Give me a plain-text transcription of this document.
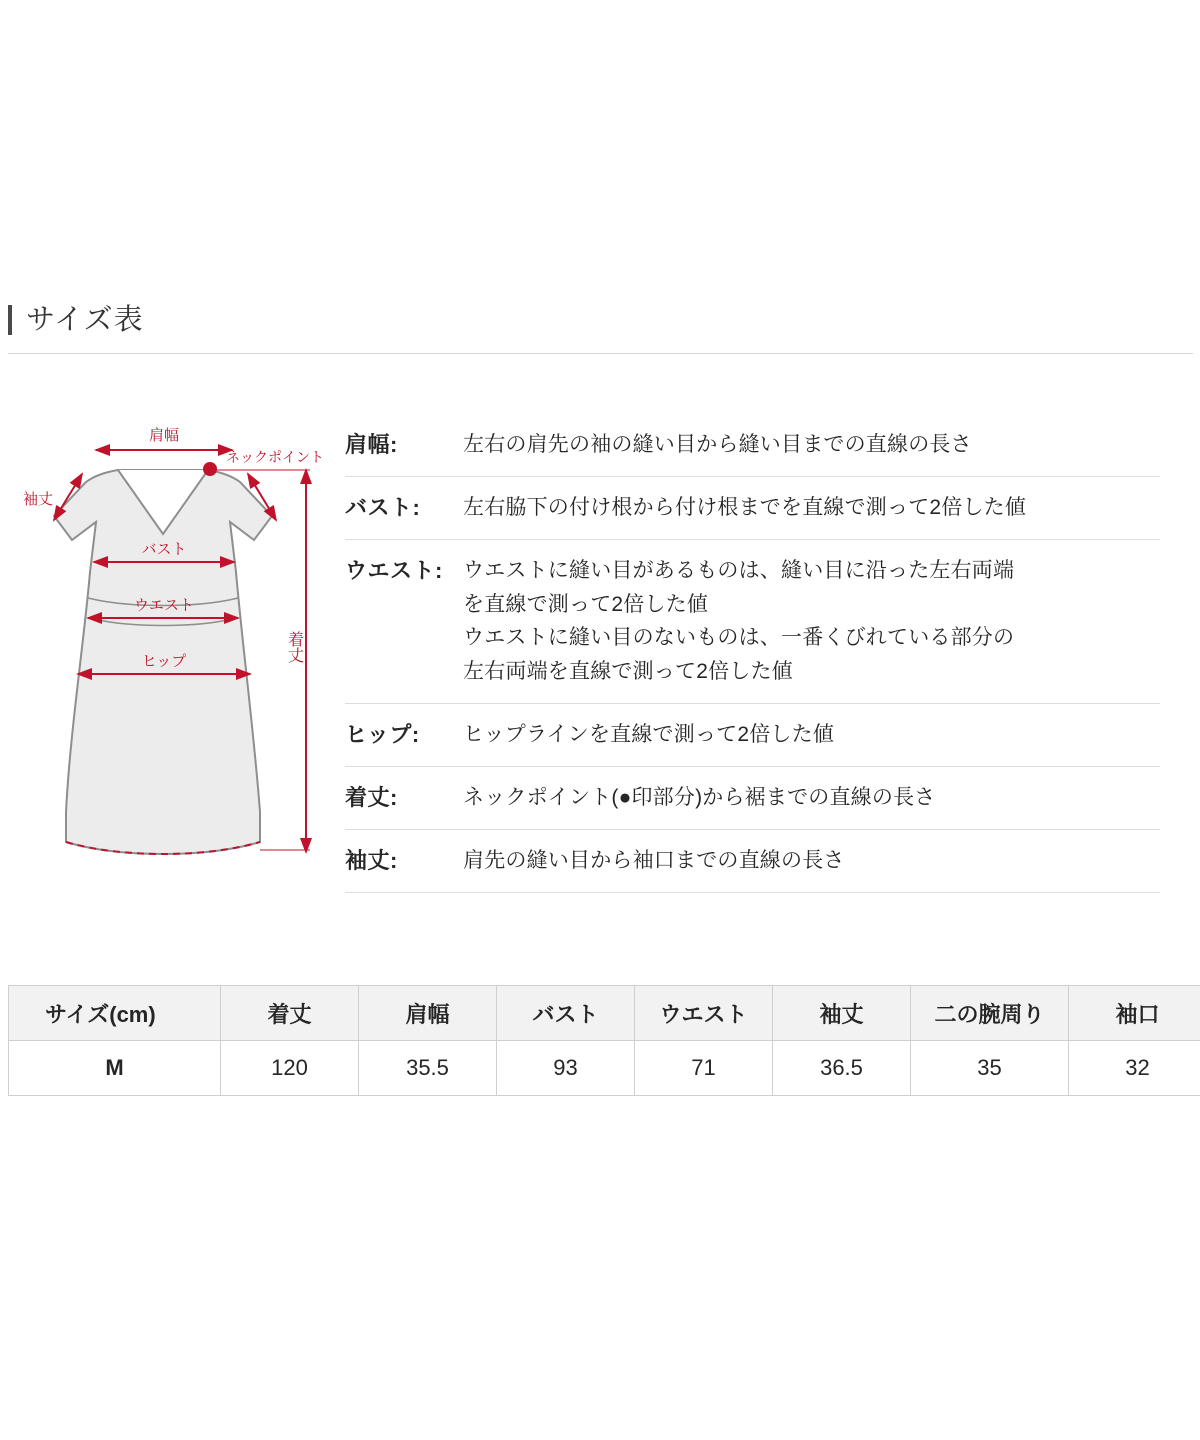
サイズ表
肩幅
ネックポイント
袖丈
バスト
ウエスト
ヒップ	着丈
肩幅:	左右の肩先の袖の縫い目から縫い目までの直線の長さ
バスト:	左右脇下の付け根から付け根までを直線で測って2倍した値
ウエスト: ウエストに縫い目があるものは、縫い目に沿った左右両端
を直線で測って2倍した値
ウエストに縫い目のないものは、一番くびれている部分の
左右両端を直線で測って2倍した値
ヒップ:	ヒップラインを直線で測って2倍した値
着丈:	ネックポイント(●印部分)から裾までの直線の長さ
袖丈:	肩先の縫い目から袖口までの直線の長さ
サイズ(cm)	着丈	肩幅	バスト	ウエスト	袖丈	二の腕周り	袖口
M	120	35.5	93	71	36.5	35	32
